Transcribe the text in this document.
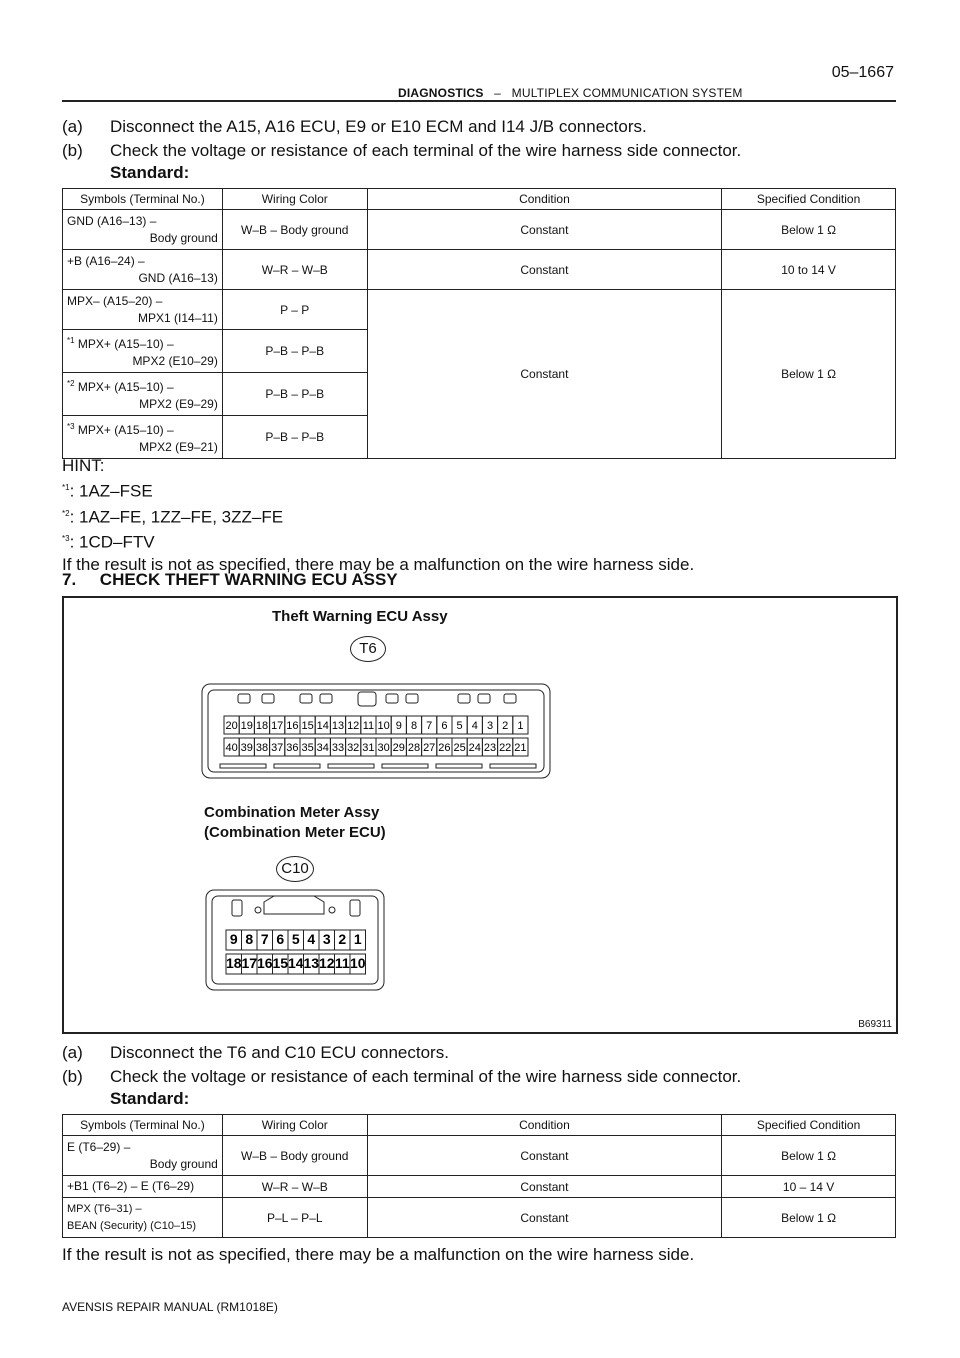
05–1667
DIAGNOSTICS – MULTIPLEX COMMUNICATION SYSTEM
(a) Disconnect the A15, A16 ECU, E9 or E10 ECM and I14 J/B connectors.
(b) Check the voltage or resistance of each terminal of the wire harness side connector.
Standard:
Symbols (Terminal No.)	Wiring Color	Condition	Specified Condition

GND (A16–13) –
Body ground	W–B – Body ground	Constant	Below 1 Ω

+B (A16–24) –
GND (A16–13)	W–R – W–B	Constant	10 to 14 V

MPX– (A15–20) –
MPX1 (I14–11)	P – P	Constant	Below 1 Ω

$^{*1}$ MPX+ (A15–10) –
MPX2 (E10–29)	P–B – P–B		

$^{*2}$ MPX+ (A15–10) –
MPX2 (E9–29)	P–B – P–B		

$^{*3}$ MPX+ (A15–10) –
MPX2 (E9–21)	P–B – P–B		
HINT:
$^{*1}$: 1AZ–FSE
$^{*2}$: 1AZ–FE, 1ZZ–FE, 3ZZ–FE
$^{*3}$: 1CD–FTV
If the result is not as specified, there may be a malfunction on the wire harness side.
7.     CHECK THEFT WARNING ECU ASSY
Theft Warning ECU Assy
T6
20 19 18 17 16 15 14 13 12 11 10 9 8 7 6 5 4 3 2 1
40 39 38 37 36 35 34 33 32 31 30 29 28 27 26 25 24 23 22 21
Combination Meter Assy
(Combination Meter ECU)
C10
9 8 7 6 5 4 3 2 1
18 17 16 15 14 13 12 11 10
B69311
(a) Disconnect the T6 and C10 ECU connectors.
(b) Check the voltage or resistance of each terminal of the wire harness side connector.
Standard:
Symbols (Terminal No.)	Wiring Color	Condition	Specified Condition

E (T6–29) –
Body ground	W–B – Body ground	Constant	Below 1 Ω

+B1 (T6–2) – E (T6–29)	W–R – W–B	Constant	10 – 14 V

MPX (T6–31) –
BEAN (Security) (C10–15)	P–L – P–L	Constant	Below 1 Ω
If the result is not as specified, there may be a malfunction on the wire harness side.
AVENSIS REPAIR MANUAL (RM1018E)
